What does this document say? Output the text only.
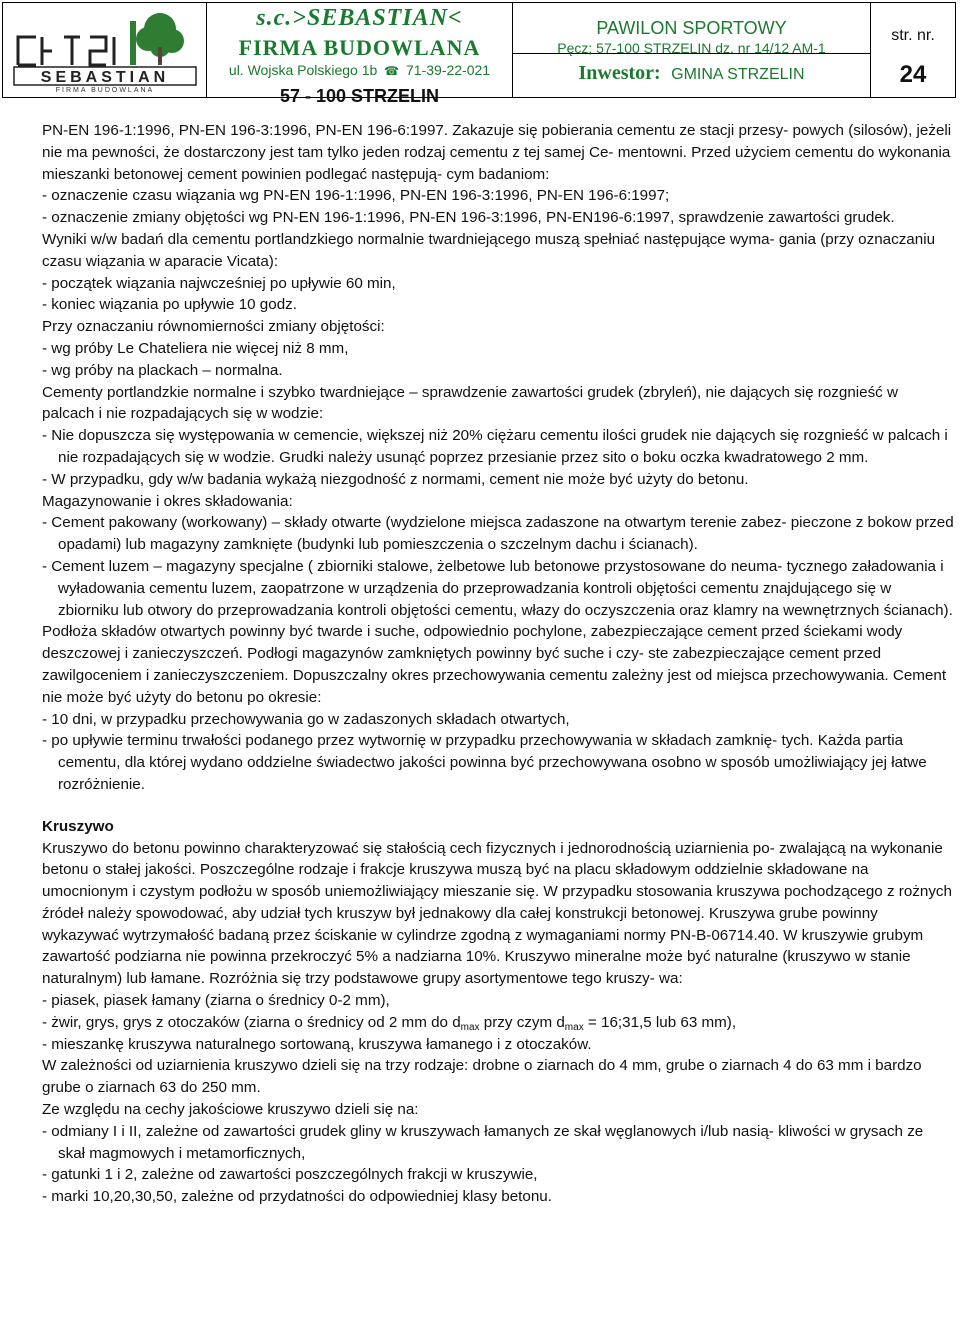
SEBASTIAN
FIRMA BUDOWLANA
s.c.>SEBASTIAN<
FIRMA BUDOWLANA
ul. Wojska Polskiego 1b ☎ 71-39-22-021
57 - 100 STRZELIN
PAWILON SPORTOWY
Pęcz; 57-100 STRZELIN dz. nr 14/12 AM-1
Inwestor: GMINA STRZELIN
str. nr.
24

PN-EN 196-1:1996, PN-EN 196-3:1996, PN-EN 196-6:1997. Zakazuje się pobierania cementu ze stacji przesy- powych (silosów), jeżeli nie ma pewności, że dostarczony jest tam tylko jeden rodzaj cementu z tej samej Ce- mentowni. Przed użyciem cementu do wykonania mieszanki betonowej cement powinien podlegać następują- cym badaniom:

- oznaczenie czasu wiązania wg PN-EN 196-1:1996, PN-EN 196-3:1996, PN-EN 196-6:1997;

- oznaczenie zmiany objętości wg PN-EN 196-1:1996, PN-EN 196-3:1996, PN-EN196-6:1997, sprawdzenie zawartości grudek.

Wyniki w/w badań dla cementu portlandzkiego normalnie twardniejącego muszą spełniać następujące wyma- gania (przy oznaczaniu czasu wiązania w aparacie Vicata):

- początek wiązania najwcześniej po upływie 60 min,

- koniec wiązania po upływie 10 godz.

Przy oznaczaniu równomierności zmiany objętości:

- wg próby Le Chateliera nie więcej niż 8 mm,

- wg próby na plackach – normalna.

Cementy portlandzkie normalne i szybko twardniejące – sprawdzenie zawartości grudek (zbryleń), nie dających się rozgnieść w palcach i nie rozpadających się w wodzie:

- Nie dopuszcza się występowania w cemencie, większej niż 20% ciężaru cementu ilości grudek nie dających się rozgnieść w palcach i nie rozpadających się w wodzie. Grudki należy usunąć poprzez przesianie przez sito o boku oczka kwadratowego 2 mm.

- W przypadku, gdy w/w badania wykażą niezgodność z normami, cement nie może być użyty do betonu.

Magazynowanie i okres składowania:

- Cement pakowany (workowany) – składy otwarte (wydzielone miejsca zadaszone na otwartym terenie zabez- pieczone z bokow przed opadami) lub magazyny zamknięte (budynki lub pomieszczenia o szczelnym dachu i ścianach).

- Cement luzem – magazyny specjalne ( zbiorniki stalowe, żelbetowe lub betonowe przystosowane do neuma- tycznego załadowania i wyładowania cementu luzem, zaopatrzone w urządzenia do przeprowadzania kontroli objętości cementu znajdującego się w zbiorniku lub otwory do przeprowadzania kontroli objętości cementu, włazy do oczyszczenia oraz klamry na wewnętrznych ścianach).

Podłoża składów otwartych powinny być twarde i suche, odpowiednio pochylone, zabezpieczające cement przed ściekami wody deszczowej i zanieczyszczeń. Podłogi magazynów zamkniętych powinny być suche i czy- ste zabezpieczające cement przed zawilgoceniem i zanieczyszczeniem. Dopuszczalny okres przechowywania cementu zależny jest od miejsca przechowywania. Cement nie może być użyty do betonu po okresie:

- 10 dni, w przypadku przechowywania go w zadaszonych składach otwartych,

- po upływie terminu trwałości podanego przez wytwornię w przypadku przechowywania w składach zamknię- tych. Każda partia cementu, dla której wydano oddzielne świadectwo jakości powinna być przechowywana osobno w sposób umożliwiający jej łatwe rozróżnienie.

Kruszywo

Kruszywo do betonu powinno charakteryzować się stałością cech fizycznych i jednorodnością uziarnienia po- zwalającą na wykonanie betonu o stałej jakości. Poszczególne rodzaje i frakcje kruszywa muszą być na placu składowym oddzielnie składowane na umocnionym i czystym podłożu w sposób uniemożliwiający mieszanie się. W przypadku stosowania kruszywa pochodzącego z rożnych źródeł należy spowodować, aby udział tych kruszyw był jednakowy dla całej konstrukcji betonowej. Kruszywa grube powinny wykazywać wytrzymałość badaną przez ściskanie w cylindrze zgodną z wymaganiami normy PN-B-06714.40. W kruszywie grubym zawartość podziarna nie powinna przekroczyć 5% a nadziarna 10%. Kruszywo mineralne może być naturalne (kruszywo w stanie naturalnym) lub łamane. Rozróżnia się trzy podstawowe grupy asortymentowe tego kruszy- wa:

- piasek, piasek łamany (ziarna o średnicy 0-2 mm),

- żwir, grys, grys z otoczaków (ziarna o średnicy od 2 mm do $d_{max}$ przy czym $d_{max}$ = 16;31,5 lub 63 mm),

- mieszankę kruszywa naturalnego sortowaną, kruszywa łamanego i z otoczaków.

W zależności od uziarnienia kruszywo dzieli się na trzy rodzaje: drobne o ziarnach do 4 mm, grube o ziarnach 4 do 63 mm i bardzo grube o ziarnach 63 do 250 mm.

Ze względu na cechy jakościowe kruszywo dzieli się na:

- odmiany I i II, zależne od zawartości grudek gliny w kruszywach łamanych ze skał węglanowych i/lub nasią- kliwości w grysach ze skał magmowych i metamorficznych,

- gatunki 1 i 2, zależne od zawartości poszczególnych frakcji w kruszywie,

- marki 10,20,30,50, zależne od przydatności do odpowiedniej klasy betonu.
